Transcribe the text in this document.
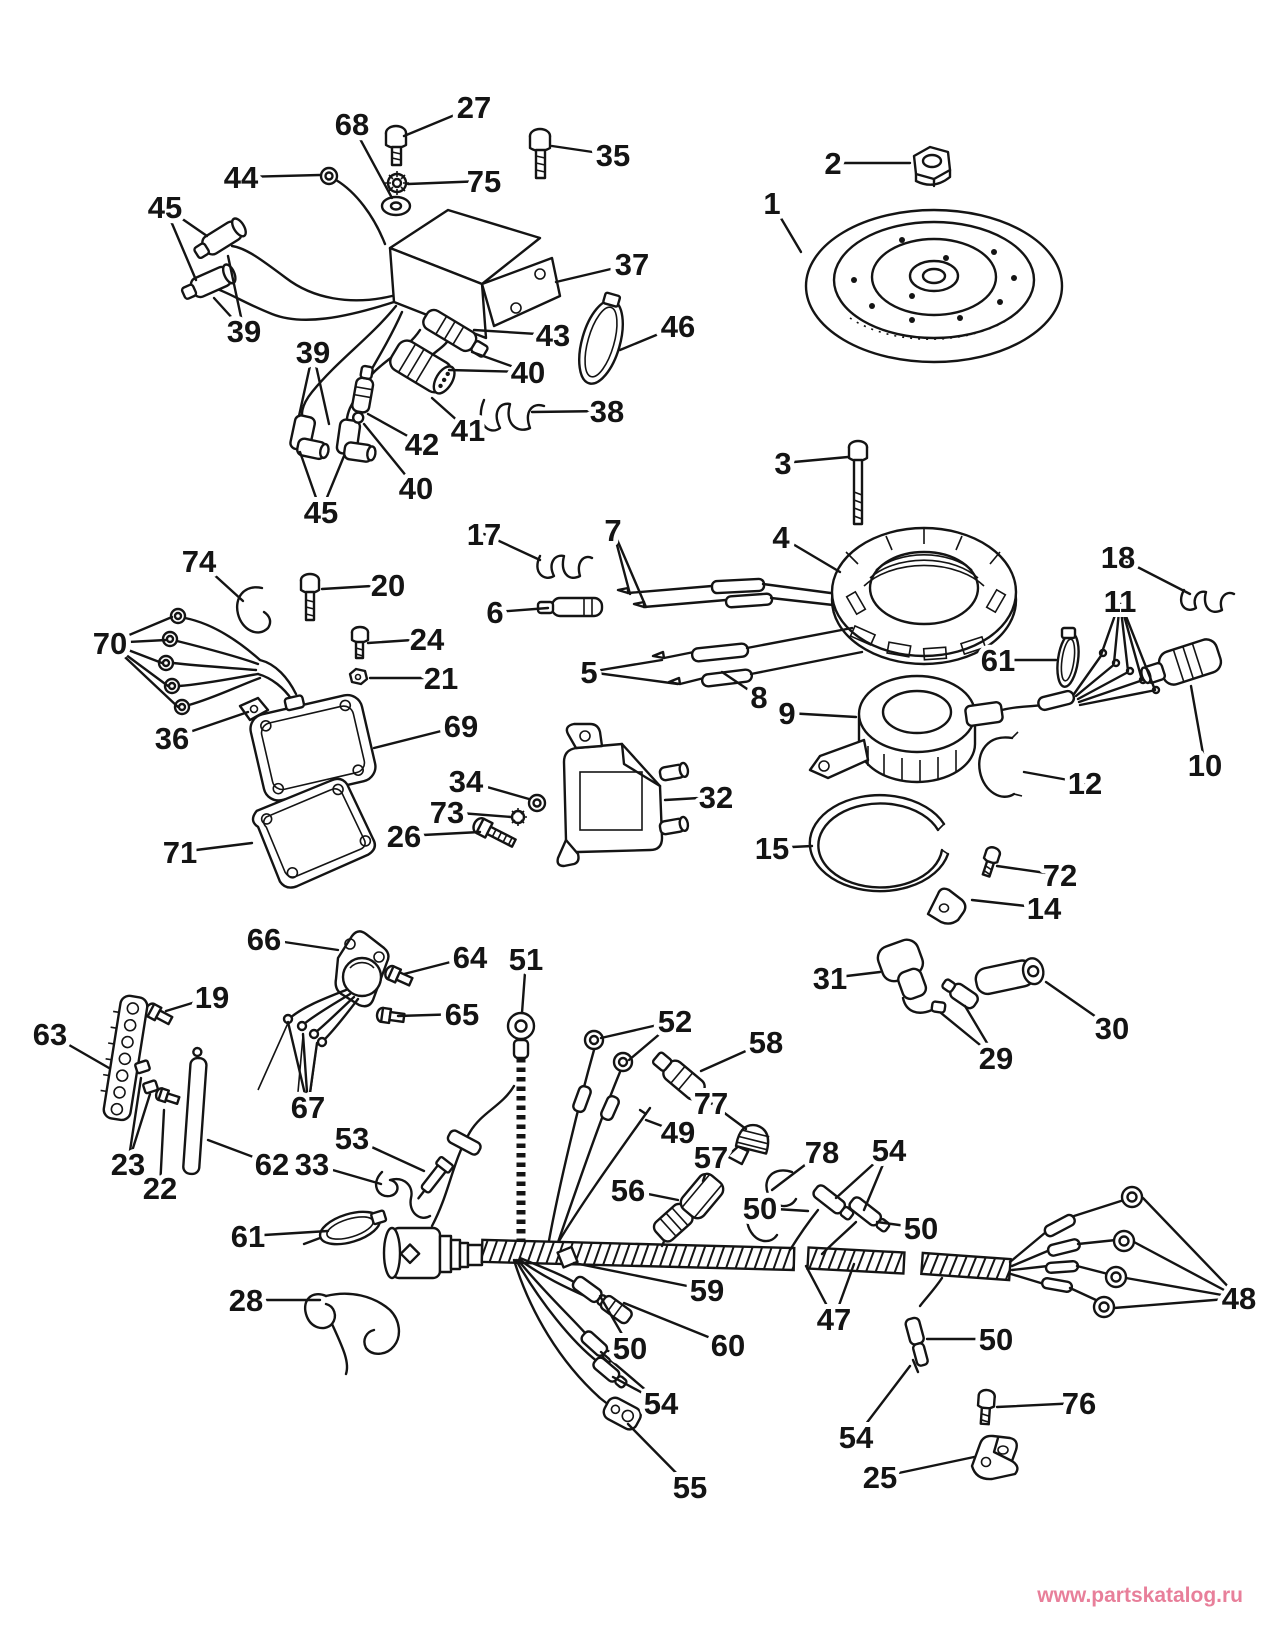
1
2
3
4
5
6
7
8 9
10
11
12
14
15
17
18
19
20
21
22
23
24
25
26
27
28
29
30
31
32
33
34
35
36
37
38
39
39
40
40
41
42
43
44
45
45
46
47
48
49
50
50
50
50
51
52
53	54
54
54
55
56
57
58
59
60
61
61
62
63
64
65
66
67
68
69
70
71
72
73
74
75
76
77
78
www.partskatalog.ru
